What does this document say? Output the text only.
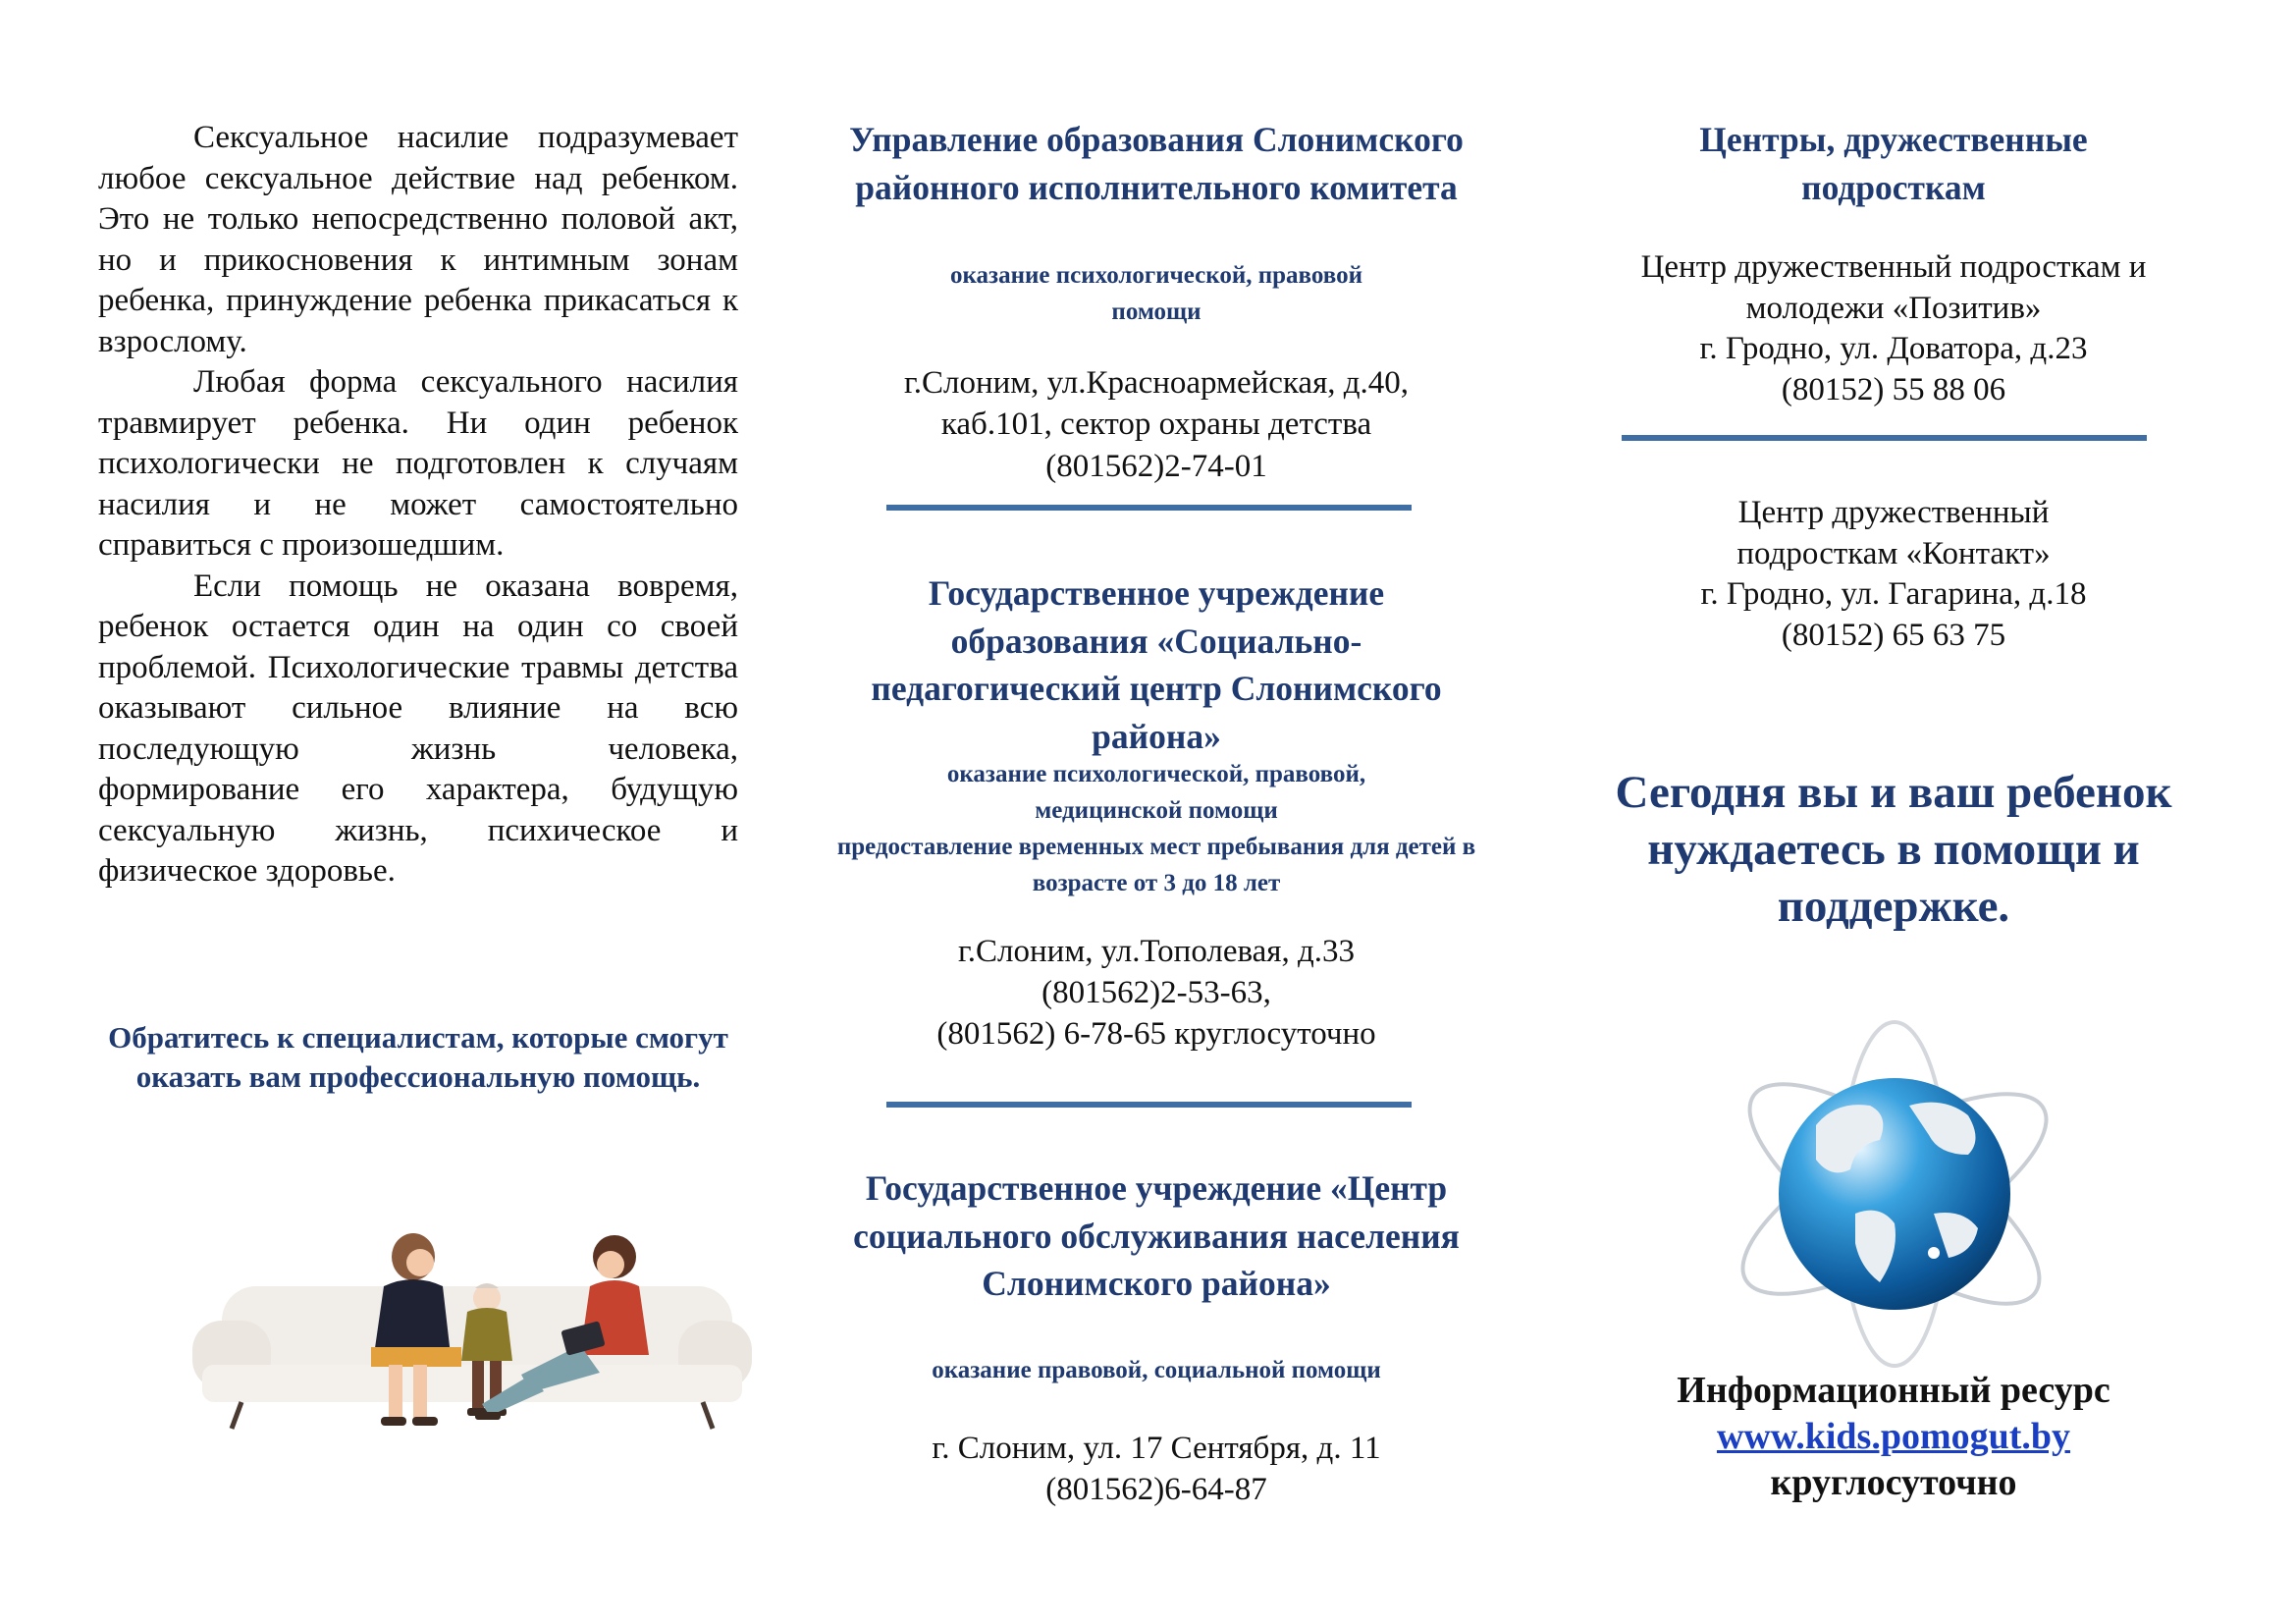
Сексуальное насилие подразумевает любое сексуальное действие над ребенком. Это не только непосредственно половой акт, но и прикосновения к интимным зонам ребенка, принуждение ребенка прикасаться к взрослому.

Любая форма сексуального насилия травмирует ребенка. Ни один ребенок психологически не подготовлен к случаям насилия и не может самостоятельно справиться с произошедшим.

Если помощь не оказана вовремя, ребенок остается один на один со своей проблемой. Психологические травмы детства оказывают сильное влияние на всю последующую жизнь человека, формирование его характера, будущую сексуальную жизнь, психическое и физическое здоровье.

Обратитесь к специалистам, которые смогут оказать вам профессиональную помощь.
Управление образования Слонимского районного исполнительного комитета
оказание психологической, правовой помощи
г.Слоним, ул.Красноармейская, д.40, каб.101, сектор охраны детства
(801562)2-74-01
Государственное учреждение образования «Социально-педагогический центр Слонимского района»
оказание психологической, правовой, медицинской помощи
предоставление временных мест пребывания для детей в возрасте от 3 до 18 лет
г.Слоним, ул.Тополевая, д.33
(801562)2-53-63,
(801562) 6-78-65 круглосуточно
Государственное учреждение «Центр социального обслуживания населения Слонимского района»
оказание правовой, социальной помощи
г. Слоним, ул. 17 Сентября, д. 11
(801562)6-64-87
Центры, дружественные подросткам
Центр дружественный подросткам и молодежи «Позитив»
г. Гродно, ул. Доватора, д.23
(80152) 55 88 06
Центр дружественный подросткам «Контакт»
г. Гродно, ул. Гагарина, д.18
(80152) 65 63 75
Сегодня вы и ваш ребенок нуждаетесь в помощи и поддержке.
Информационный ресурс
www.kids.pomogut.by
круглосуточно
